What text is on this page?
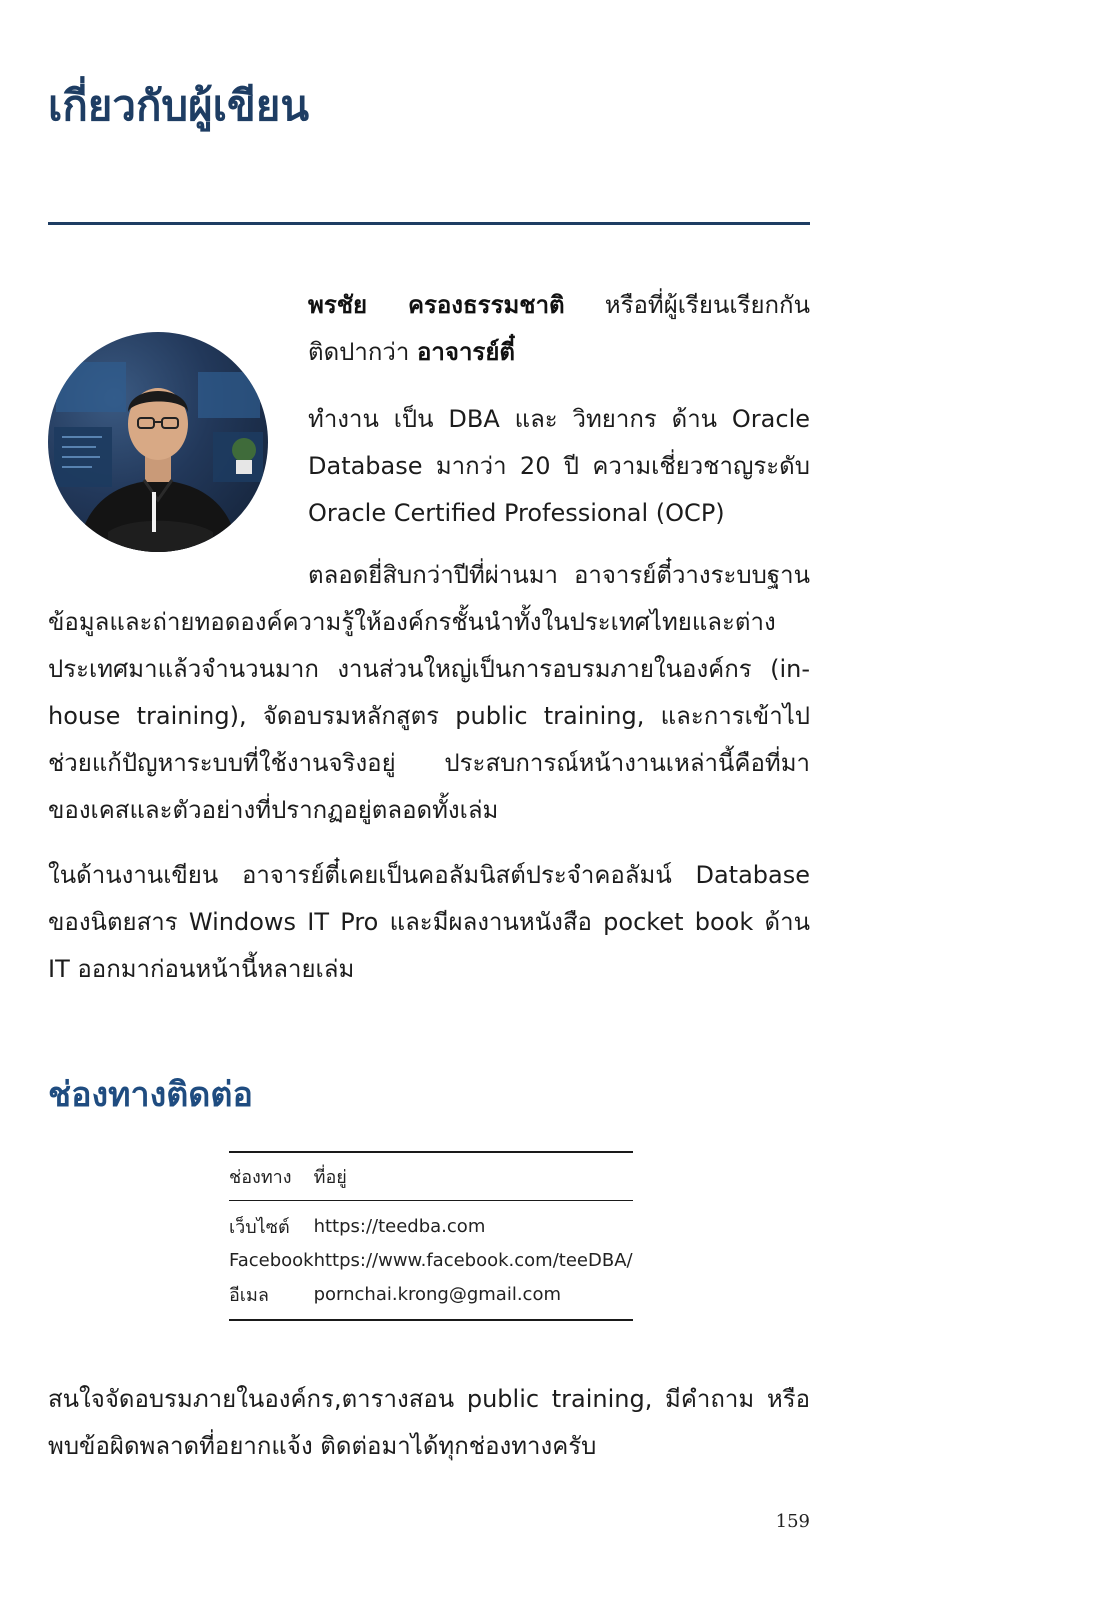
เกี่ยวกับผู้เขียน

พรชัย ครองธรรมชาติ หรือที่ผู้เรียนเรียกกันติดปากว่า อาจารย์ตี๋

ทำงาน เป็น DBA และ วิทยากร ด้าน Oracle Database มากว่า 20 ปี ความเชี่ยวชาญระดับ Oracle Certified Professional (OCP)

ตลอดยี่สิบกว่าปีที่ผ่านมา อาจารย์ตี๋วางระบบฐานข้อมูลและถ่ายทอดองค์ความรู้ให้องค์กรชั้นนำทั้งในประเทศไทยและต่างประเทศมาแล้วจำนวนมาก งานส่วนใหญ่เป็นการอบรมภายในองค์กร (in-house training), จัดอบรมหลักสูตร public training, และการเข้าไปช่วยแก้ปัญหาระบบที่ใช้งานจริงอยู่ ประสบการณ์หน้างานเหล่านี้คือที่มาของเคสและตัวอย่างที่ปรากฏอยู่ตลอดทั้งเล่ม

ในด้านงานเขียน อาจารย์ตี๋เคยเป็นคอลัมนิสต์ประจำคอลัมน์ Database ของนิตยสาร Windows IT Pro และมีผลงานหนังสือ pocket book ด้าน IT ออกมาก่อนหน้านี้หลายเล่ม

ช่องทางติดต่อ
ช่องทาง	ที่อยู่
เว็บไซต์	https://teedba.com
Facebook	https://www.facebook.com/teeDBA/
อีเมล	pornchai.krong@gmail.com

สนใจจัดอบรมภายในองค์กร,ตารางสอน public training, มีคำถาม หรือพบข้อผิดพลาดที่อยากแจ้ง ติดต่อมาได้ทุกช่องทางครับ

159
